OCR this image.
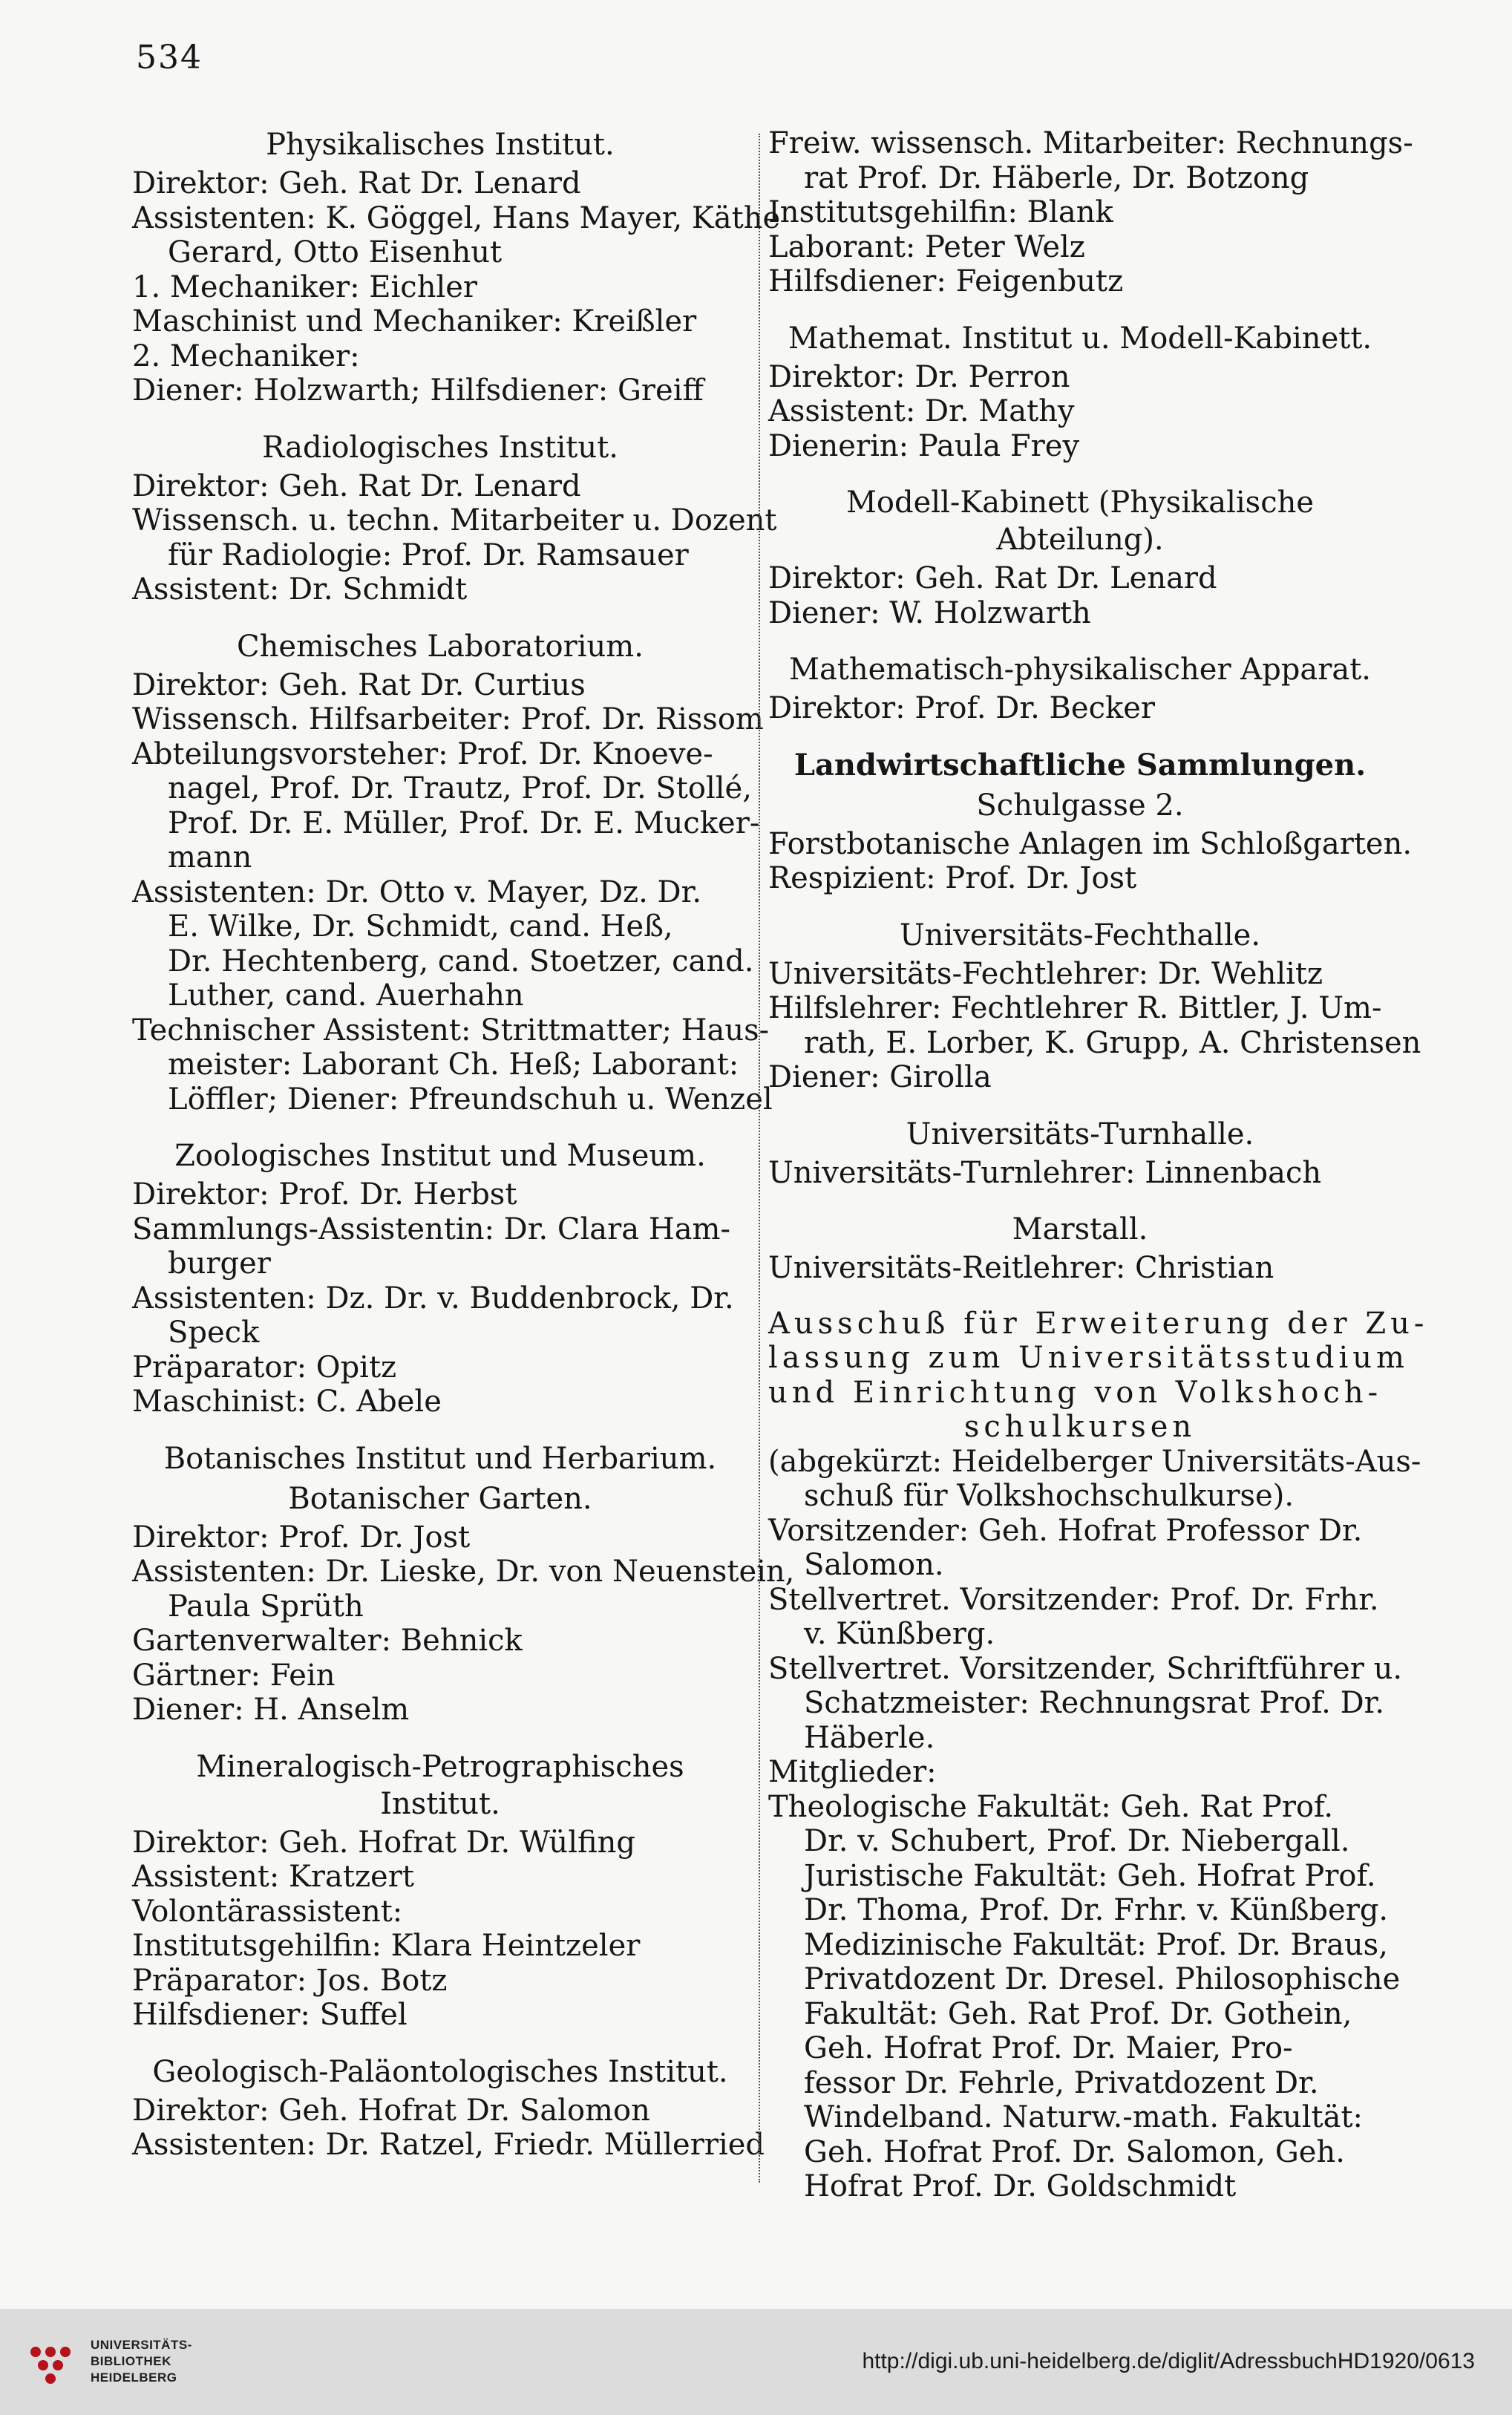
534
Physikalisches Institut.
Direktor: Geh. Rat Dr. Lenard
Assistenten: K. Göggel, Hans Mayer, Käthe
Gerard, Otto Eisenhut
1. Mechaniker: Eichler
Maschinist und Mechaniker: Kreißler
2. Mechaniker:
Diener: Holzwarth; Hilfsdiener: Greiff
Radiologisches Institut.
Direktor: Geh. Rat Dr. Lenard
Wissensch. u. techn. Mitarbeiter u. Dozent
für Radiologie: Prof. Dr. Ramsauer
Assistent: Dr. Schmidt
Chemisches Laboratorium.
Direktor: Geh. Rat Dr. Curtius
Wissensch. Hilfsarbeiter: Prof. Dr. Rissom
Abteilungsvorsteher: Prof. Dr. Knoeve-
nagel, Prof. Dr. Trautz, Prof. Dr. Stollé,
Prof. Dr. E. Müller, Prof. Dr. E. Mucker-
mann
Assistenten: Dr. Otto v. Mayer, Dz. Dr.
E. Wilke, Dr. Schmidt, cand. Heß,
Dr. Hechtenberg, cand. Stoetzer, cand.
Luther, cand. Auerhahn
Technischer Assistent: Strittmatter; Haus-
meister: Laborant Ch. Heß; Laborant:
Löffler; Diener: Pfreundschuh u. Wenzel
Zoologisches Institut und Museum.
Direktor: Prof. Dr. Herbst
Sammlungs-Assistentin: Dr. Clara Ham-
burger
Assistenten: Dz. Dr. v. Buddenbrock, Dr.
Speck
Präparator: Opitz
Maschinist: C. Abele
Botanisches Institut und Herbarium.
Botanischer Garten.
Direktor: Prof. Dr. Jost
Assistenten: Dr. Lieske, Dr. von Neuenstein,
Paula Sprüth
Gartenverwalter: Behnick
Gärtner: Fein
Diener: H. Anselm
Mineralogisch-Petrographisches Institut.
Direktor: Geh. Hofrat Dr. Wülfing
Assistent: Kratzert
Volontärassistent:
Institutsgehilfin: Klara Heintzeler
Präparator: Jos. Botz
Hilfsdiener: Suffel
Geologisch-Paläontologisches Institut.
Direktor: Geh. Hofrat Dr. Salomon
Assistenten: Dr. Ratzel, Friedr. Müllerried
Freiw. wissensch. Mitarbeiter: Rechnungs-
rat Prof. Dr. Häberle, Dr. Botzong
Institutsgehilfin: Blank
Laborant: Peter Welz
Hilfsdiener: Feigenbutz
Mathemat. Institut u. Modell-Kabinett.
Direktor: Dr. Perron
Assistent: Dr. Mathy
Dienerin: Paula Frey
Modell-Kabinett (Physikalische Abteilung).
Direktor: Geh. Rat Dr. Lenard
Diener: W. Holzwarth
Mathematisch-physikalischer Apparat.
Direktor: Prof. Dr. Becker
Landwirtschaftliche Sammlungen.
Schulgasse 2.
Forstbotanische Anlagen im Schloßgarten.
Respizient: Prof. Dr. Jost
Universitäts-Fechthalle.
Universitäts-Fechtlehrer: Dr. Wehlitz
Hilfslehrer: Fechtlehrer R. Bittler, J. Um-
rath, E. Lorber, K. Grupp, A. Christensen
Diener: Girolla
Universitäts-Turnhalle.
Universitäts-Turnlehrer: Linnenbach
Marstall.
Universitäts-Reitlehrer: Christian
Ausschuß für Erweiterung der Zu-
lassung zum Universitätsstudium
und Einrichtung von Volkshoch-
schulkursen
(abgekürzt: Heidelberger Universitäts-Aus-
schuß für Volkshochschulkurse).
Vorsitzender: Geh. Hofrat Professor Dr.
Salomon.
Stellvertret. Vorsitzender: Prof. Dr. Frhr.
v. Künßberg.
Stellvertret. Vorsitzender, Schriftführer u.
Schatzmeister: Rechnungsrat Prof. Dr.
Häberle.
Mitglieder:
Theologische Fakultät: Geh. Rat Prof.
Dr. v. Schubert, Prof. Dr. Niebergall.
Juristische Fakultät: Geh. Hofrat Prof.
Dr. Thoma, Prof. Dr. Frhr. v. Künßberg.
Medizinische Fakultät: Prof. Dr. Braus,
Privatdozent Dr. Dresel. Philosophische
Fakultät: Geh. Rat Prof. Dr. Gothein,
Geh. Hofrat Prof. Dr. Maier, Pro-
fessor Dr. Fehrle, Privatdozent Dr.
Windelband. Naturw.-math. Fakultät:
Geh. Hofrat Prof. Dr. Salomon, Geh.
Hofrat Prof. Dr. Goldschmidt
UNIVERSITÄTS-
BIBLIOTHEK
HEIDELBERG
http://digi.ub.uni-heidelberg.de/diglit/AdressbuchHD1920/0613
